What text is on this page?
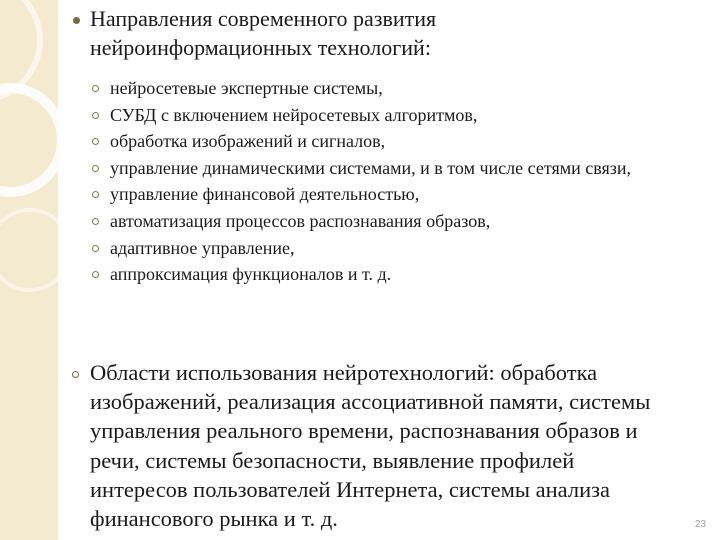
Направления современного развития
нейроинформационных технологий:
нейросетевые экспертные системы,
СУБД с включением нейросетевых алгоритмов,
обработка изображений и сигналов,
управление динамическими системами, и в том числе сетями связи,
управление финансовой деятельностью,
автоматизация процессов распознавания образов,
адаптивное управление,
аппроксимация функционалов и т. д.
Области использования нейротехнологий: обработка
изображений, реализация ассоциативной памяти, системы
управления реального времени, распознавания образов и
речи, системы безопасности, выявление профилей
интересов пользователей Интернета, системы анализа
финансового рынка и т. д.	23
